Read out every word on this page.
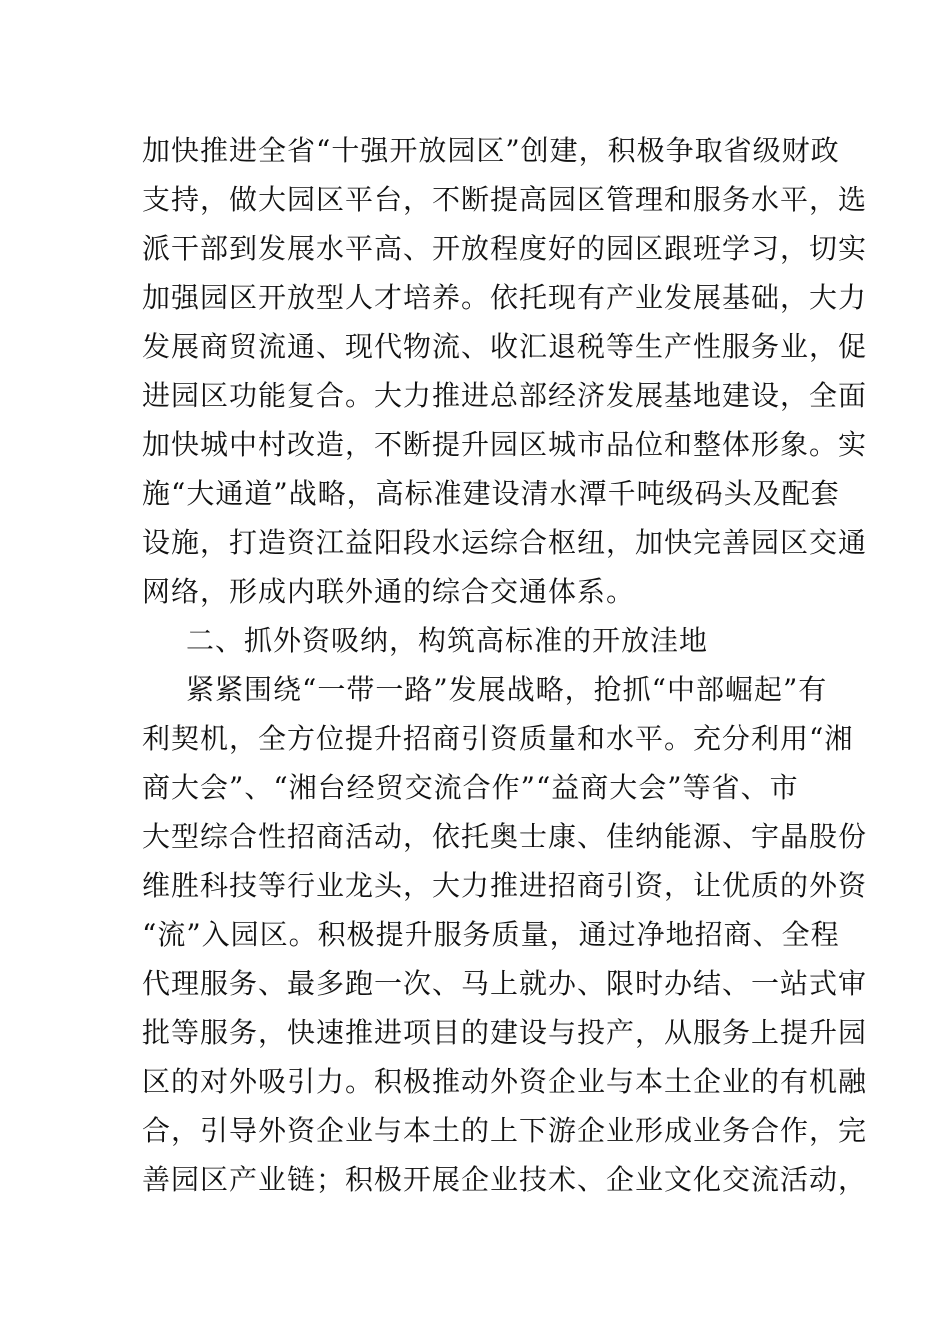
加快推进全省“十强开放园区”创建，积极争取省级财政
支持，做大园区平台，不断提高园区管理和服务水平，选
派干部到发展水平高、开放程度好的园区跟班学习，切实
加强园区开放型人才培养。依托现有产业发展基础，大力
发展商贸流通、现代物流、收汇退税等生产性服务业，促
进园区功能复合。大力推进总部经济发展基地建设，全面
加快城中村改造，不断提升园区城市品位和整体形象。实
施“大通道”战略，高标准建设清水潭千吨级码头及配套
设施，打造资江益阳段水运综合枢纽，加快完善园区交通
网络，形成内联外通的综合交通体系。
二、抓外资吸纳，构筑高标准的开放洼地
紧紧围绕“一带一路”发展战略，抢抓“中部崛起”有
利契机，全方位提升招商引资质量和水平。充分利用“湘
商大会”、“湘台经贸交流合作”“益商大会”等省、市
大型综合性招商活动，依托奥士康、佳纳能源、宇晶股份
维胜科技等行业龙头，大力推进招商引资，让优质的外资
“流”入园区。积极提升服务质量，通过净地招商、全程
代理服务、最多跑一次、马上就办、限时办结、一站式审
批等服务，快速推进项目的建设与投产，从服务上提升园
区的对外吸引力。积极推动外资企业与本土企业的有机融
合，引导外资企业与本土的上下游企业形成业务合作，完
善园区产业链；积极开展企业技术、企业文化交流活动，
